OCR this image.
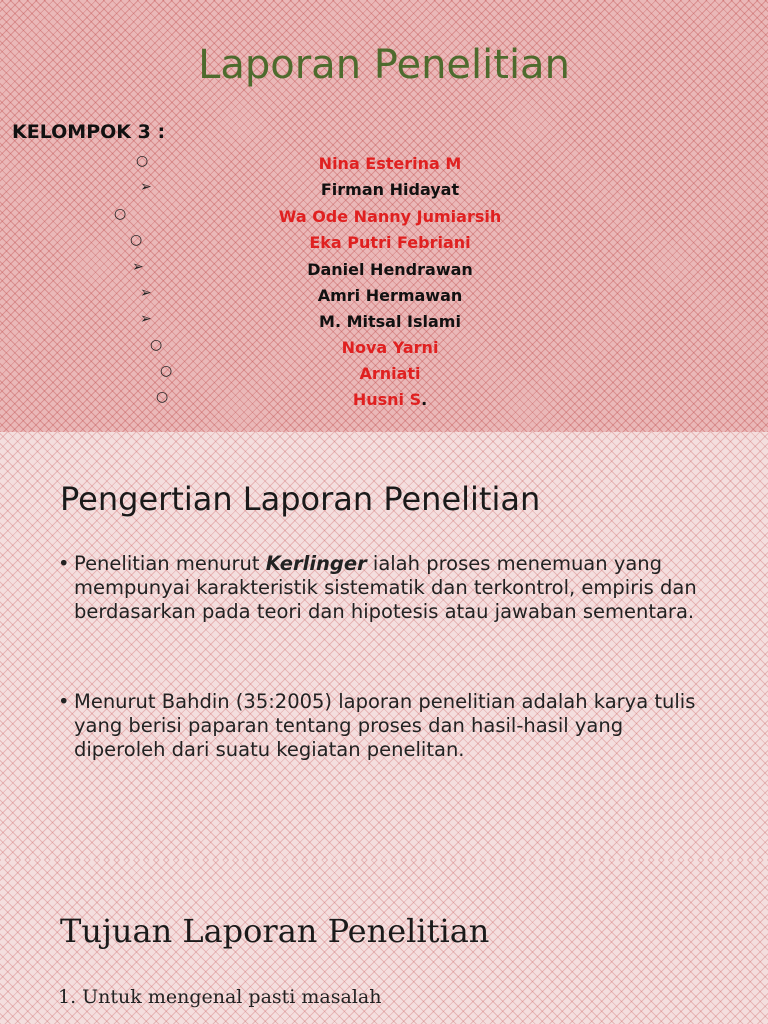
Laporan Penelitian
KELOMPOK 3 :
○	Nina Esterina M
➢	Firman Hidayat
○	Wa Ode Nanny Jumiarsih
○	Eka Putri Febriani
➢	Daniel Hendrawan
➢	Amri Hermawan
➢	M. Mitsal Islami
○	Nova Yarni
○	Arniati
○	Husni S.
Pengertian Laporan Penelitian
• Penelitian menurut Kerlinger ialah proses menemuan yang mempunyai karakteristik sistematik dan terkontrol, empiris dan berdasarkan pada teori dan hipotesis atau jawaban sementara.
• Menurut Bahdin (35:2005) laporan penelitian adalah karya tulis yang berisi paparan tentang proses dan hasil-hasil yang diperoleh dari suatu kegiatan penelitan.
Tujuan Laporan Penelitian
1. Untuk mengenal pasti masalah
